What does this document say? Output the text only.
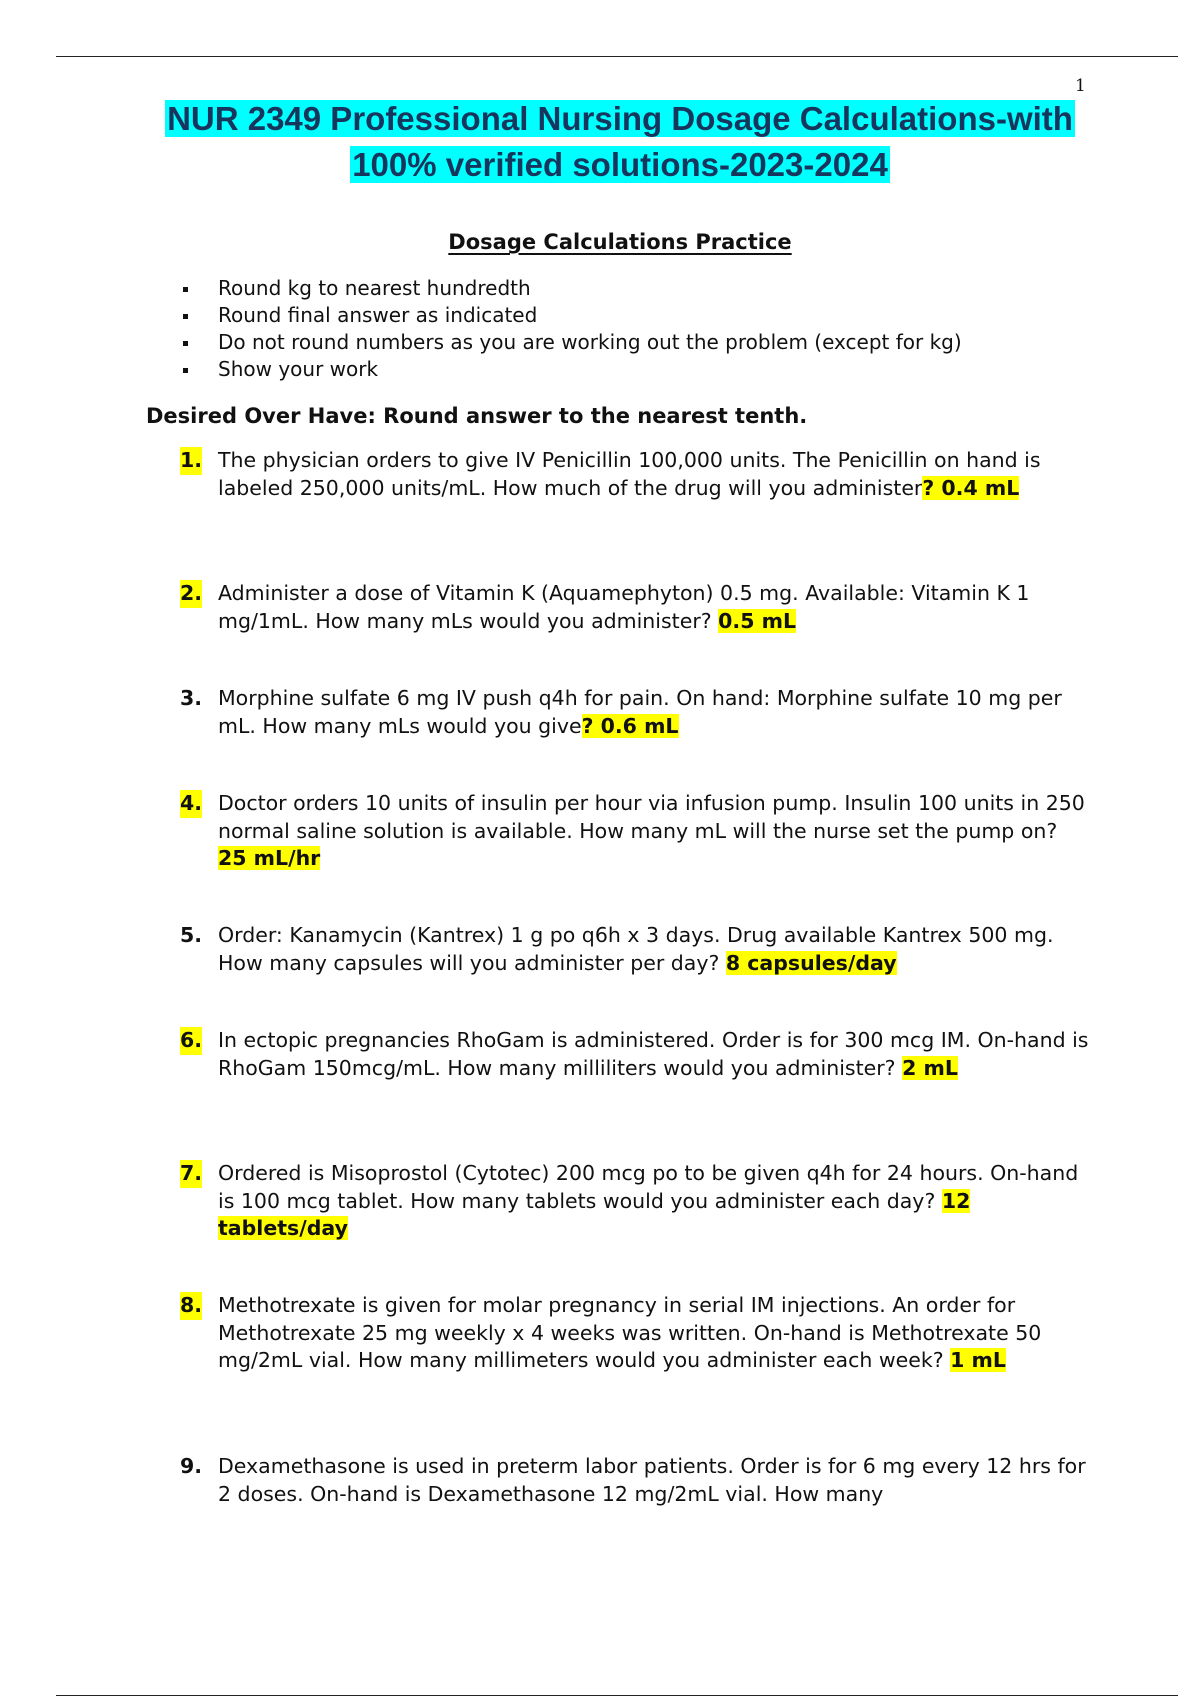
1
NUR 2349 Professional Nursing Dosage Calculations-with
100% verified solutions-2023-2024
Dosage Calculations Practice
Round kg to nearest hundredth
Round final answer as indicated
Do not round numbers as you are working out the problem (except for kg)
Show your work
Desired Over Have: Round answer to the nearest tenth.
1. The physician orders to give IV Penicillin 100,000 units. The Penicillin on hand is labeled 250,000 units/mL. How much of the drug will you administer? 0.4 mL
2. Administer a dose of Vitamin K (Aquamephyton) 0.5 mg. Available: Vitamin K 1 mg/1mL. How many mLs would you administer? 0.5 mL
3. Morphine sulfate 6 mg IV push q4h for pain. On hand: Morphine sulfate 10 mg per mL. How many mLs would you give? 0.6 mL
4. Doctor orders 10 units of insulin per hour via infusion pump. Insulin 100 units in 250 normal saline solution is available. How many mL will the nurse set the pump on? 25 mL/hr
5. Order: Kanamycin (Kantrex) 1 g po q6h x 3 days. Drug available Kantrex 500 mg. How many capsules will you administer per day? 8 capsules/day
6. In ectopic pregnancies RhoGam is administered. Order is for 300 mcg IM. On-hand is RhoGam 150mcg/mL. How many milliliters would you administer? 2 mL
7. Ordered is Misoprostol (Cytotec) 200 mcg po to be given q4h for 24 hours. On-hand is 100 mcg tablet. How many tablets would you administer each day? 12 tablets/day
8. Methotrexate is given for molar pregnancy in serial IM injections. An order for Methotrexate 25 mg weekly x 4 weeks was written. On-hand is Methotrexate 50 mg/2mL vial. How many millimeters would you administer each week? 1 mL
9. Dexamethasone is used in preterm labor patients. Order is for 6 mg every 12 hrs for 2 doses. On-hand is Dexamethasone 12 mg/2mL vial. How many
